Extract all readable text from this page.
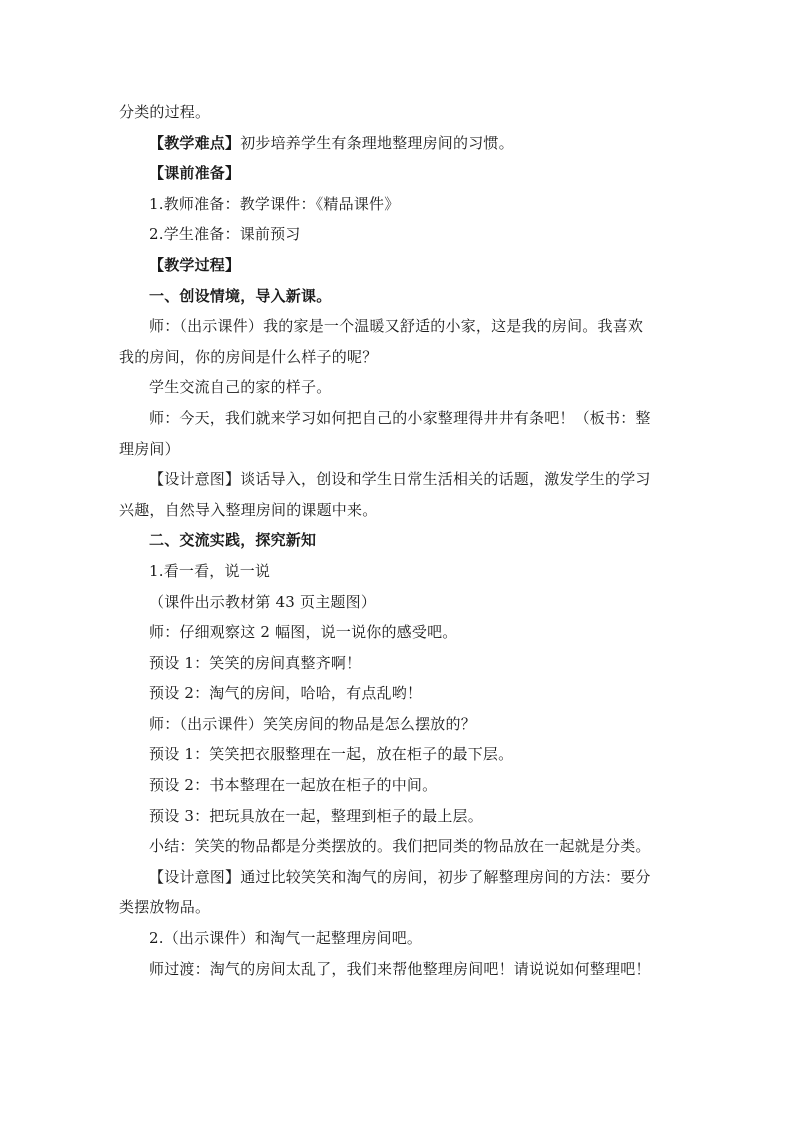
分类的过程。
【教学难点】初步培养学生有条理地整理房间的习惯。
【课前准备】
1.教师准备：教学课件：《精品课件》
2.学生准备：课前预习
【教学过程】
一、创设情境，导入新课。
师：（出示课件）我的家是一个温暖又舒适的小家，这是我的房间。我喜欢
我的房间，你的房间是什么样子的呢？
学生交流自己的家的样子。
师：今天，我们就来学习如何把自己的小家整理得井井有条吧！（板书：整
理房间）
【设计意图】谈话导入，创设和学生日常生活相关的话题，激发学生的学习
兴趣，自然导入整理房间的课题中来。
二、交流实践，探究新知
1.看一看，说一说
（课件出示教材第 43 页主题图）
师：仔细观察这 2 幅图，说一说你的感受吧。
预设 1：笑笑的房间真整齐啊！
预设 2：淘气的房间，哈哈，有点乱哟！
师：（出示课件）笑笑房间的物品是怎么摆放的？
预设 1：笑笑把衣服整理在一起，放在柜子的最下层。
预设 2：书本整理在一起放在柜子的中间。
预设 3：把玩具放在一起，整理到柜子的最上层。
小结：笑笑的物品都是分类摆放的。我们把同类的物品放在一起就是分类。
【设计意图】通过比较笑笑和淘气的房间，初步了解整理房间的方法：要分
类摆放物品。
2.（出示课件）和淘气一起整理房间吧。
师过渡：淘气的房间太乱了，我们来帮他整理房间吧！请说说如何整理吧！
